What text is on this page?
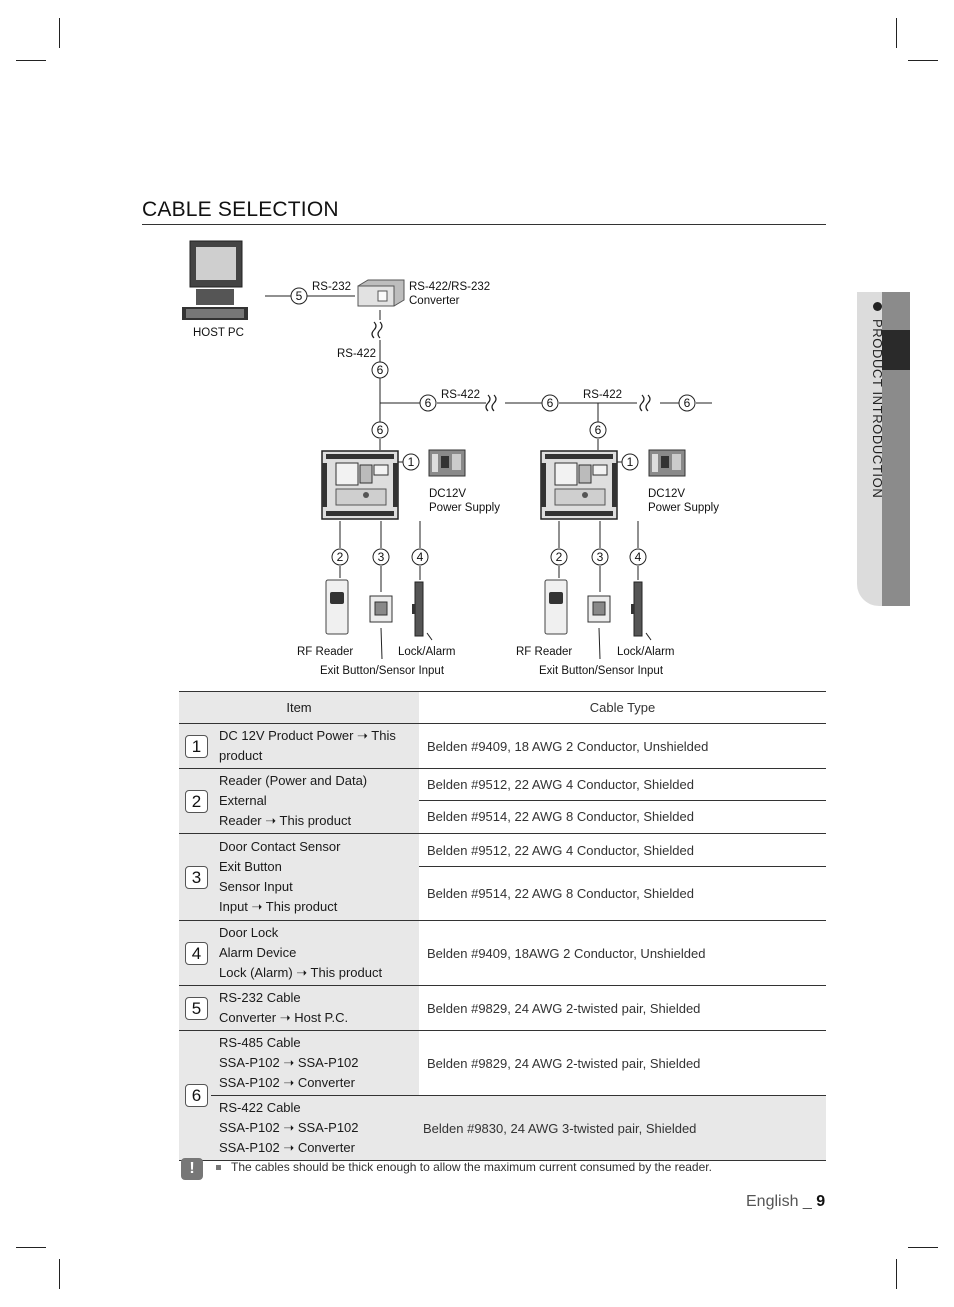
CABLE SELECTION
PRODUCT INTRODUCTION
HOST PC
RS-232	RS-422/RS-232
Converter
RS-422
RS-422	RS-422
DC12V
Power Supply
RF Reader	Lock/Alarm
Exit Button/Sensor Input
DC12V
Power Supply
RF Reader	Lock/Alarm
Exit Button/Sensor Input
5
6
6	6	6
6	6
1	1
2	3	4	2	3	4
Item		Cable Type
1	DC 12V Product Power ➝ This
product	Belden #9409, 18 AWG 2 Conductor, Unshielded
2	Reader (Power and Data) External
Reader ➝ This product	Belden #9512, 22 AWG 4 Conductor, Shielded
		Belden #9514, 22 AWG 8 Conductor, Shielded
3	Door Contact Sensor
Exit Button
Sensor Input
Input ➝ This product	Belden #9512, 22 AWG 4 Conductor, Shielded
		Belden #9514, 22 AWG 8 Conductor, Shielded
4	Door Lock
Alarm Device
Lock (Alarm) ➝ This product	Belden #9409, 18AWG 2 Conductor, Unshielded
5	RS-232 Cable
Converter ➝ Host P.C.	Belden #9829, 24 AWG 2-twisted pair, Shielded
6	RS-485 Cable
SSA-P102 ➝ SSA-P102
SSA-P102 ➝ Converter	Belden #9829, 24 AWG 2-twisted pair, Shielded

	RS-422 Cable
SSA-P102 ➝ SSA-P102
SSA-P102 ➝ Converter	Belden #9830, 24 AWG 3-twisted pair, Shielded
!	The cables should be thick enough to allow the maximum current consumed by the reader.
English _ 9
